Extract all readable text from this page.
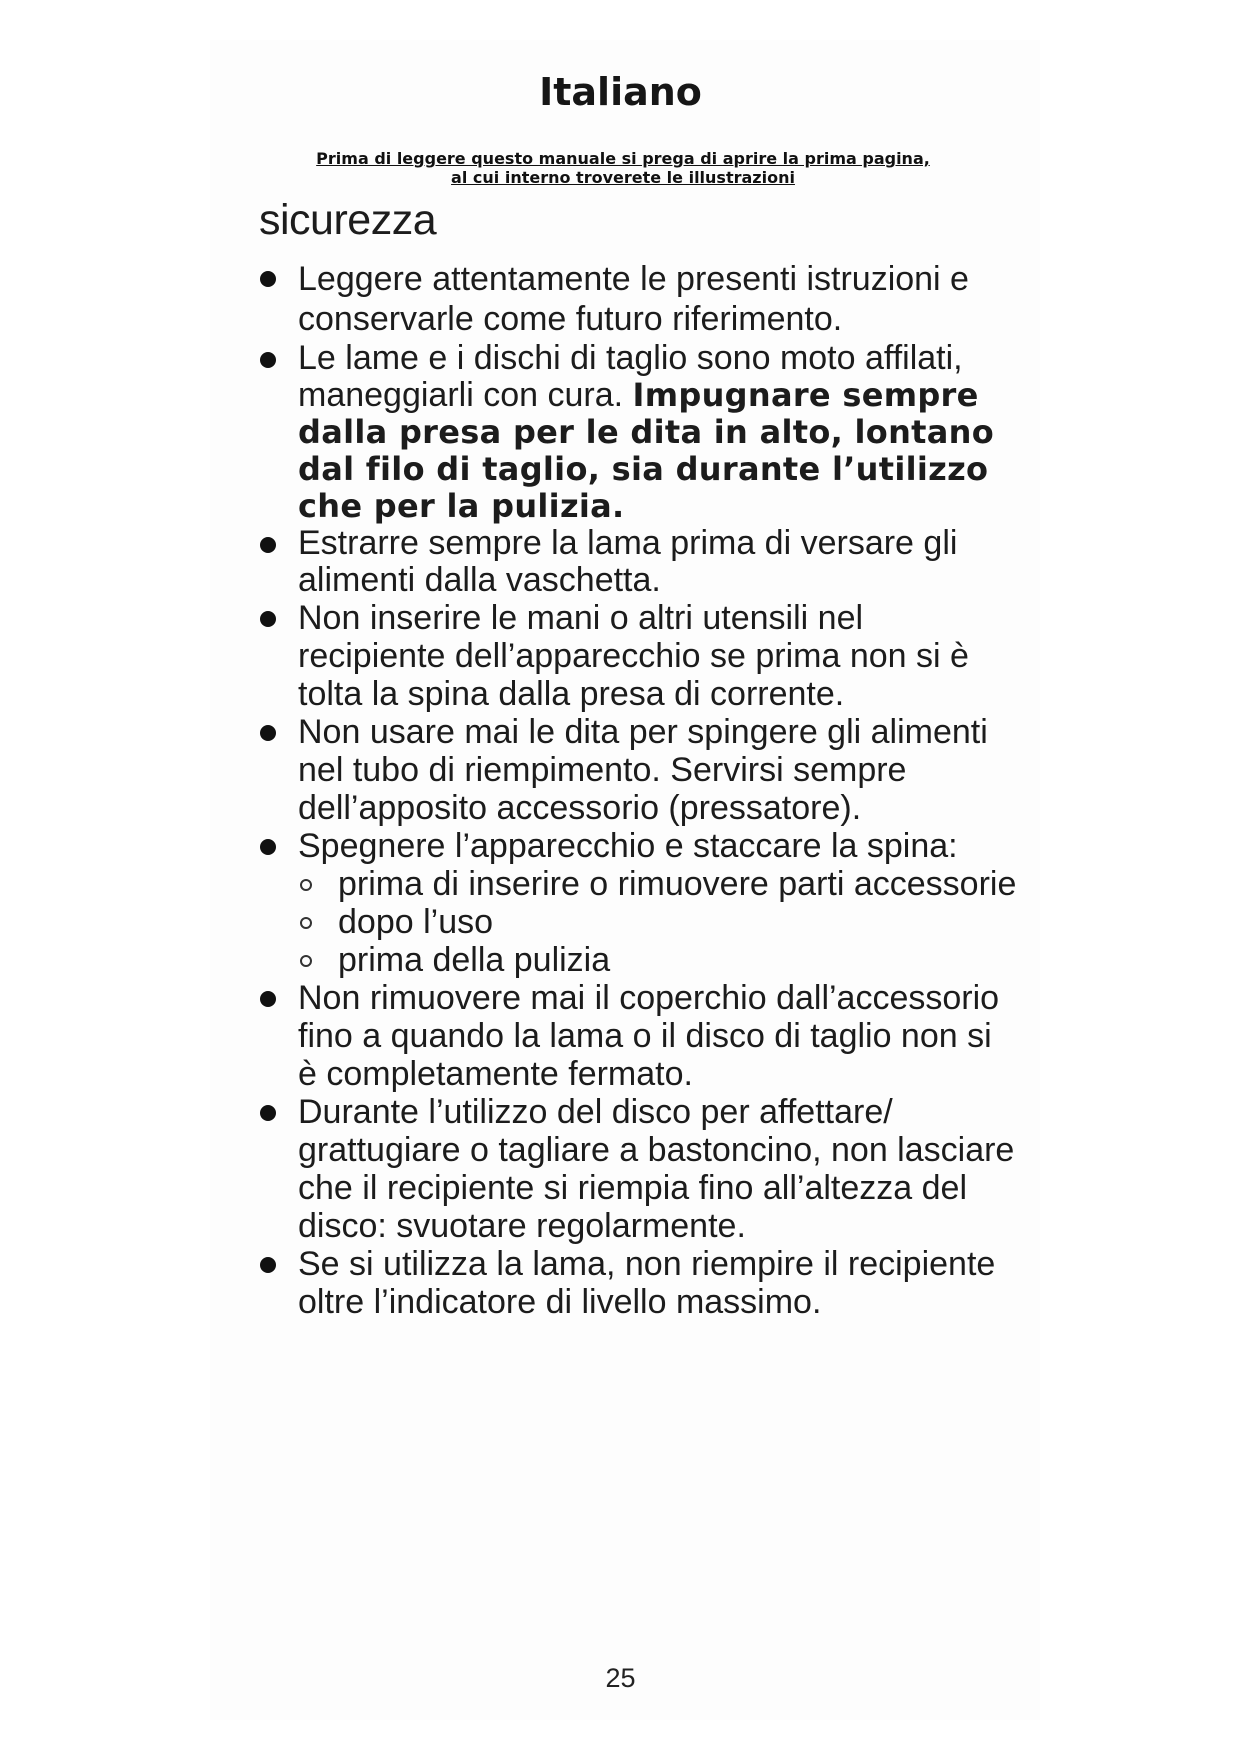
Italiano
Prima di leggere questo manuale si prega di aprire la prima pagina,
al cui interno troverete le illustrazioni
sicurezza
Leggere attentamente le presenti istruzioni e conservarle come futuro riferimento.
Le lame e i dischi di taglio sono moto affilati, maneggiarli con cura. Impugnare sempre dalla presa per le dita in alto, lontano dal filo di taglio, sia durante l’utilizzo che per la pulizia.
Estrarre sempre la lama prima di versare gli alimenti dalla vaschetta.
Non inserire le mani o altri utensili nel recipiente dell’apparecchio se prima non si è tolta la spina dalla presa di corrente.
Non usare mai le dita per spingere gli alimenti nel tubo di riempimento. Servirsi sempre dell’apposito accessorio (pressatore).
Spegnere l’apparecchio e staccare la spina:
prima di inserire o rimuovere parti accessorie
dopo l’uso
prima della pulizia
Non rimuovere mai il coperchio dall’accessorio fino a quando la lama o il disco di taglio non si è completamente fermato.
Durante l’utilizzo del disco per affettare/ grattugiare o tagliare a bastoncino, non lasciare che il recipiente si riempia fino all’altezza del disco: svuotare regolarmente.
Se si utilizza la lama, non riempire il recipiente oltre l’indicatore di livello massimo.
25
